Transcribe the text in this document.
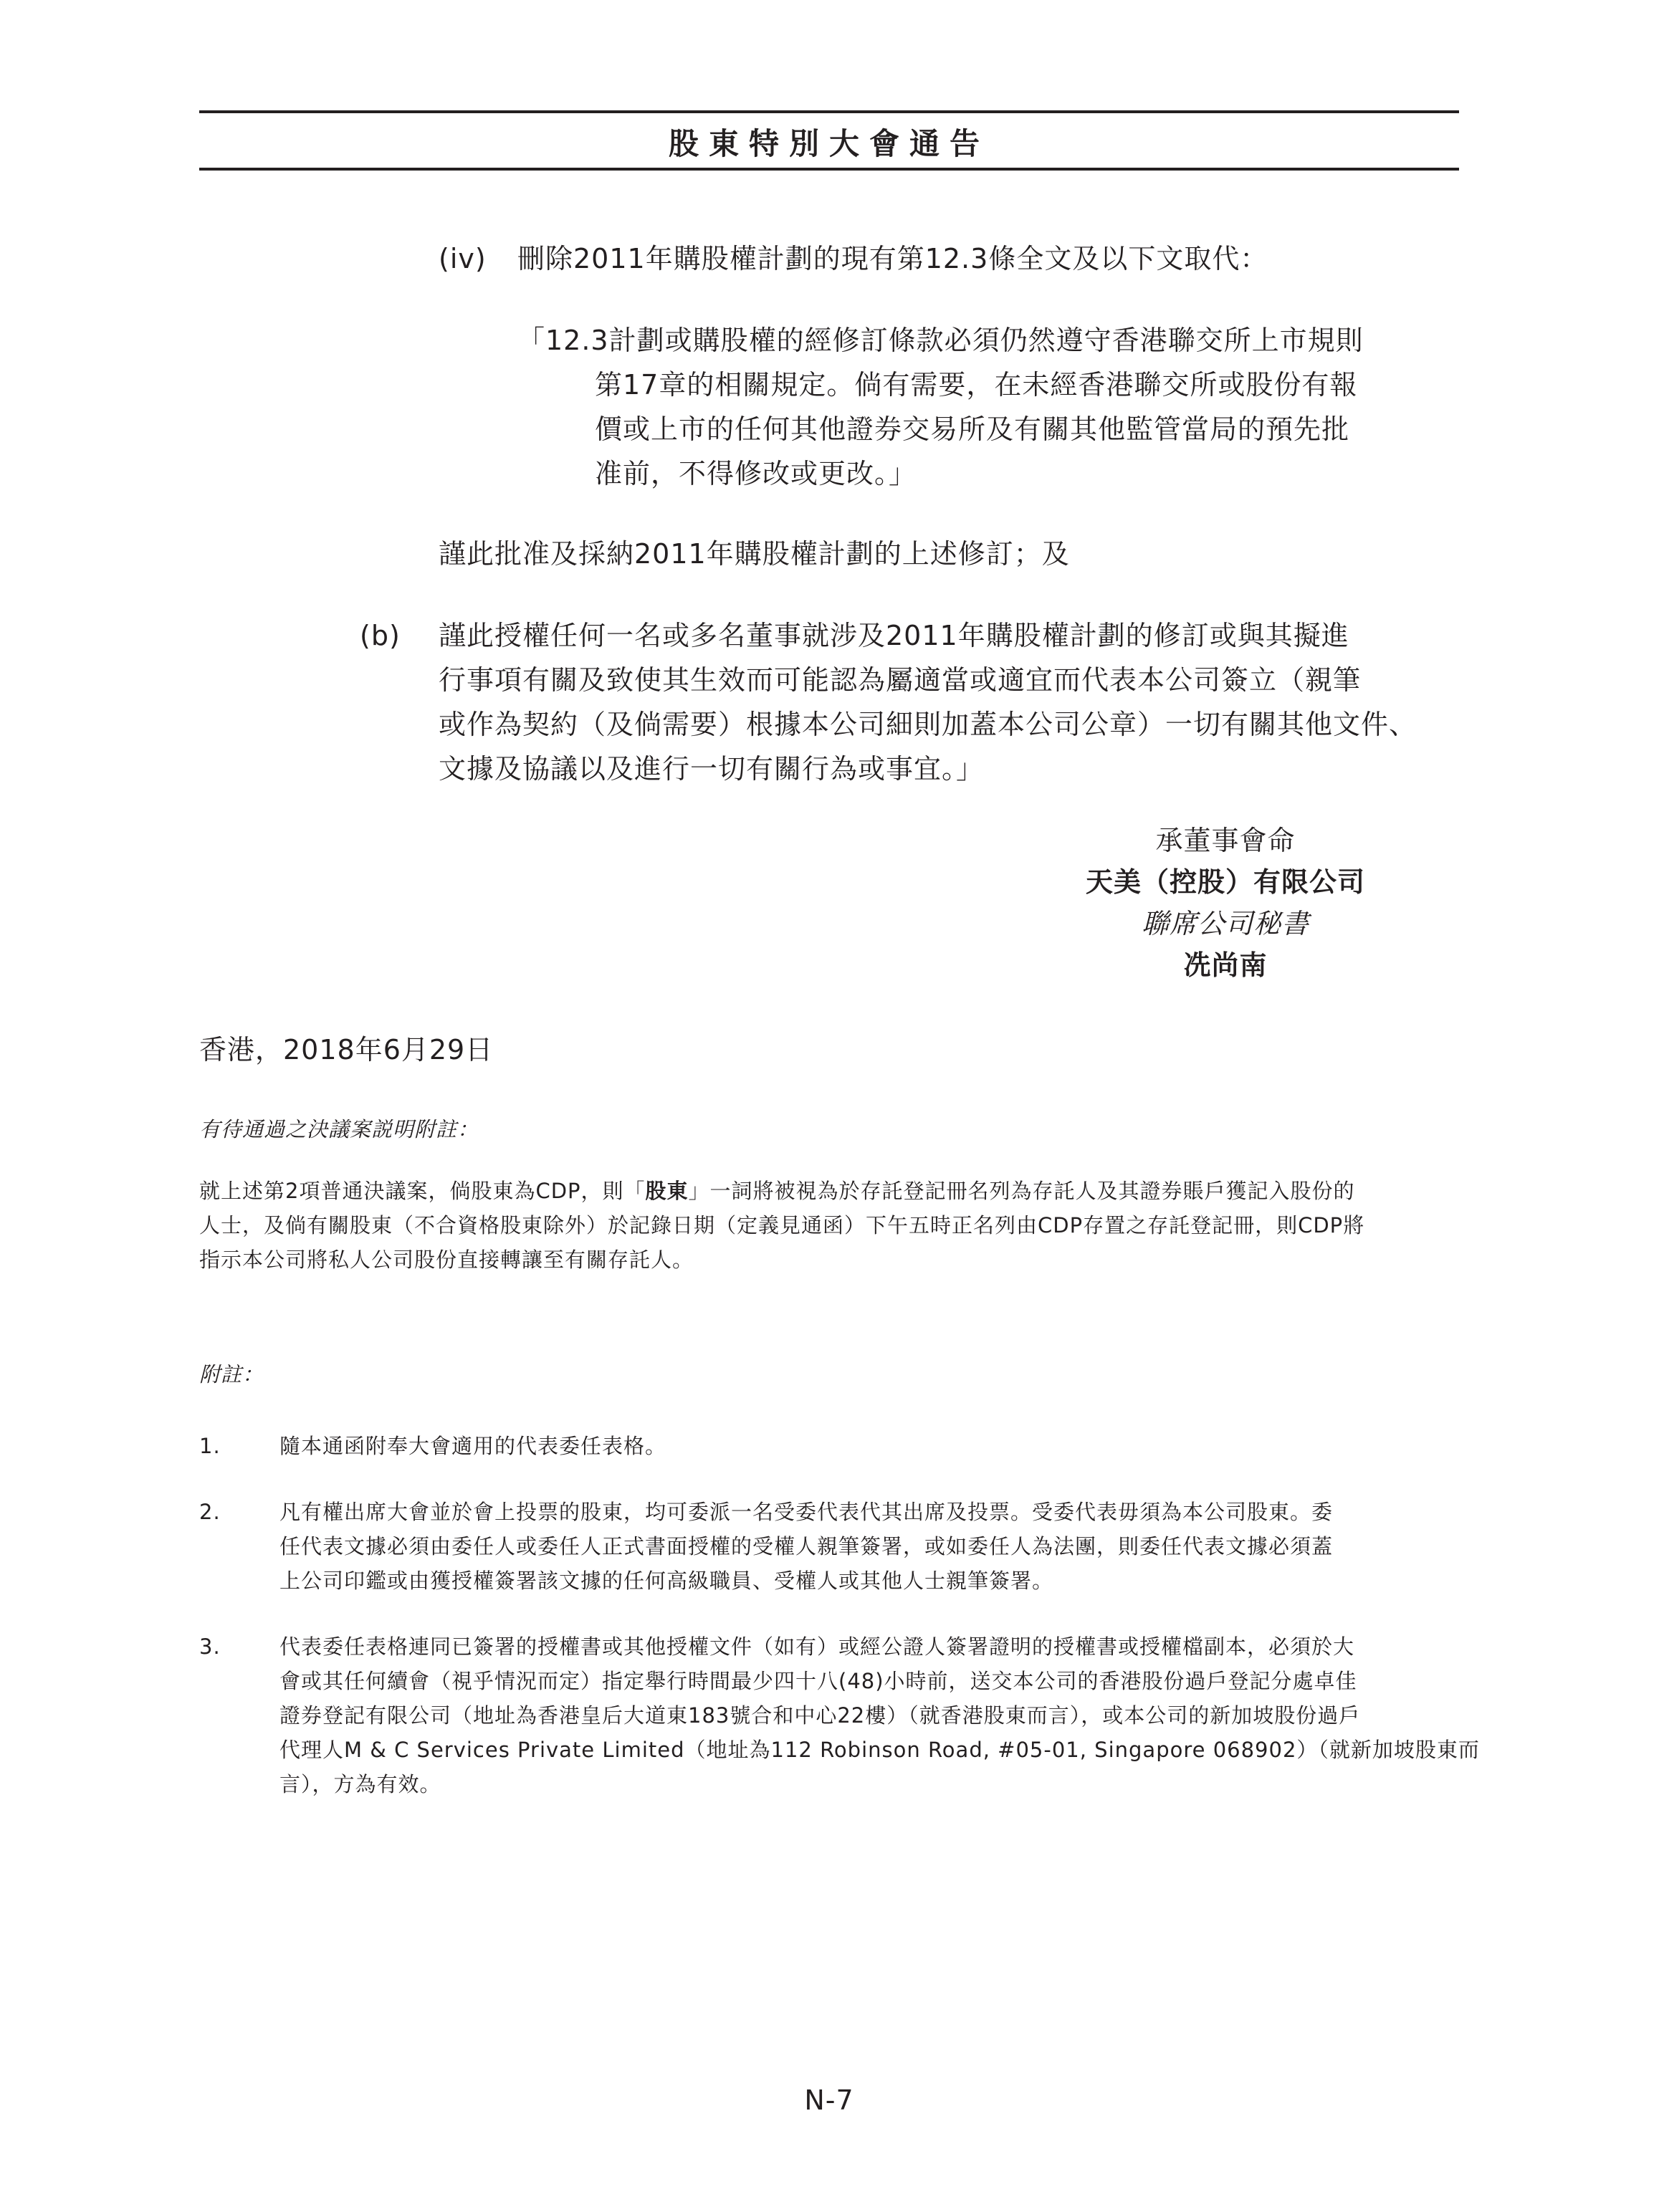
股東特別大會通告
(iv) 刪除2011年購股權計劃的現有第12.3條全文及以下文取代：
「12.3計劃或購股權的經修訂條款必須仍然遵守香港聯交所上市規則
第17章的相關規定。倘有需要，在未經香港聯交所或股份有報
價或上市的任何其他證券交易所及有關其他監管當局的預先批
准前，不得修改或更改。」
謹此批准及採納2011年購股權計劃的上述修訂；及
(b) 謹此授權任何一名或多名董事就涉及2011年購股權計劃的修訂或與其擬進
行事項有關及致使其生效而可能認為屬適當或適宜而代表本公司簽立（親筆
或作為契約（及倘需要）根據本公司細則加蓋本公司公章）一切有關其他文件、
文據及協議以及進行一切有關行為或事宜。」
承董事會命
天美（控股）有限公司
聯席公司秘書
冼尚南
香港，2018年6月29日
有待通過之決議案説明附註：
就上述第2項普通決議案，倘股東為CDP，則「股東」一詞將被視為於存託登記冊名列為存託人及其證券賬戶獲記入股份的
人士，及倘有關股東（不合資格股東除外）於記錄日期（定義見通函）下午五時正名列由CDP存置之存託登記冊，則CDP將
指示本公司將私人公司股份直接轉讓至有關存託人。
附註：
1.	隨本通函附奉大會適用的代表委任表格。
2.	凡有權出席大會並於會上投票的股東，均可委派一名受委代表代其出席及投票。受委代表毋須為本公司股東。委
任代表文據必須由委任人或委任人正式書面授權的受權人親筆簽署，或如委任人為法團，則委任代表文據必須蓋
上公司印鑑或由獲授權簽署該文據的任何高級職員、受權人或其他人士親筆簽署。
3.	代表委任表格連同已簽署的授權書或其他授權文件（如有）或經公證人簽署證明的授權書或授權檔副本，必須於大
會或其任何續會（視乎情況而定）指定舉行時間最少四十八(48)小時前，送交本公司的香港股份過戶登記分處卓佳
證券登記有限公司（地址為香港皇后大道東183號合和中心22樓）（就香港股東而言），或本公司的新加坡股份過戶
代理人M & C Services Private Limited（地址為112 Robinson Road, #05-01, Singapore 068902）（就新加坡股東而
言），方為有效。
N-7
